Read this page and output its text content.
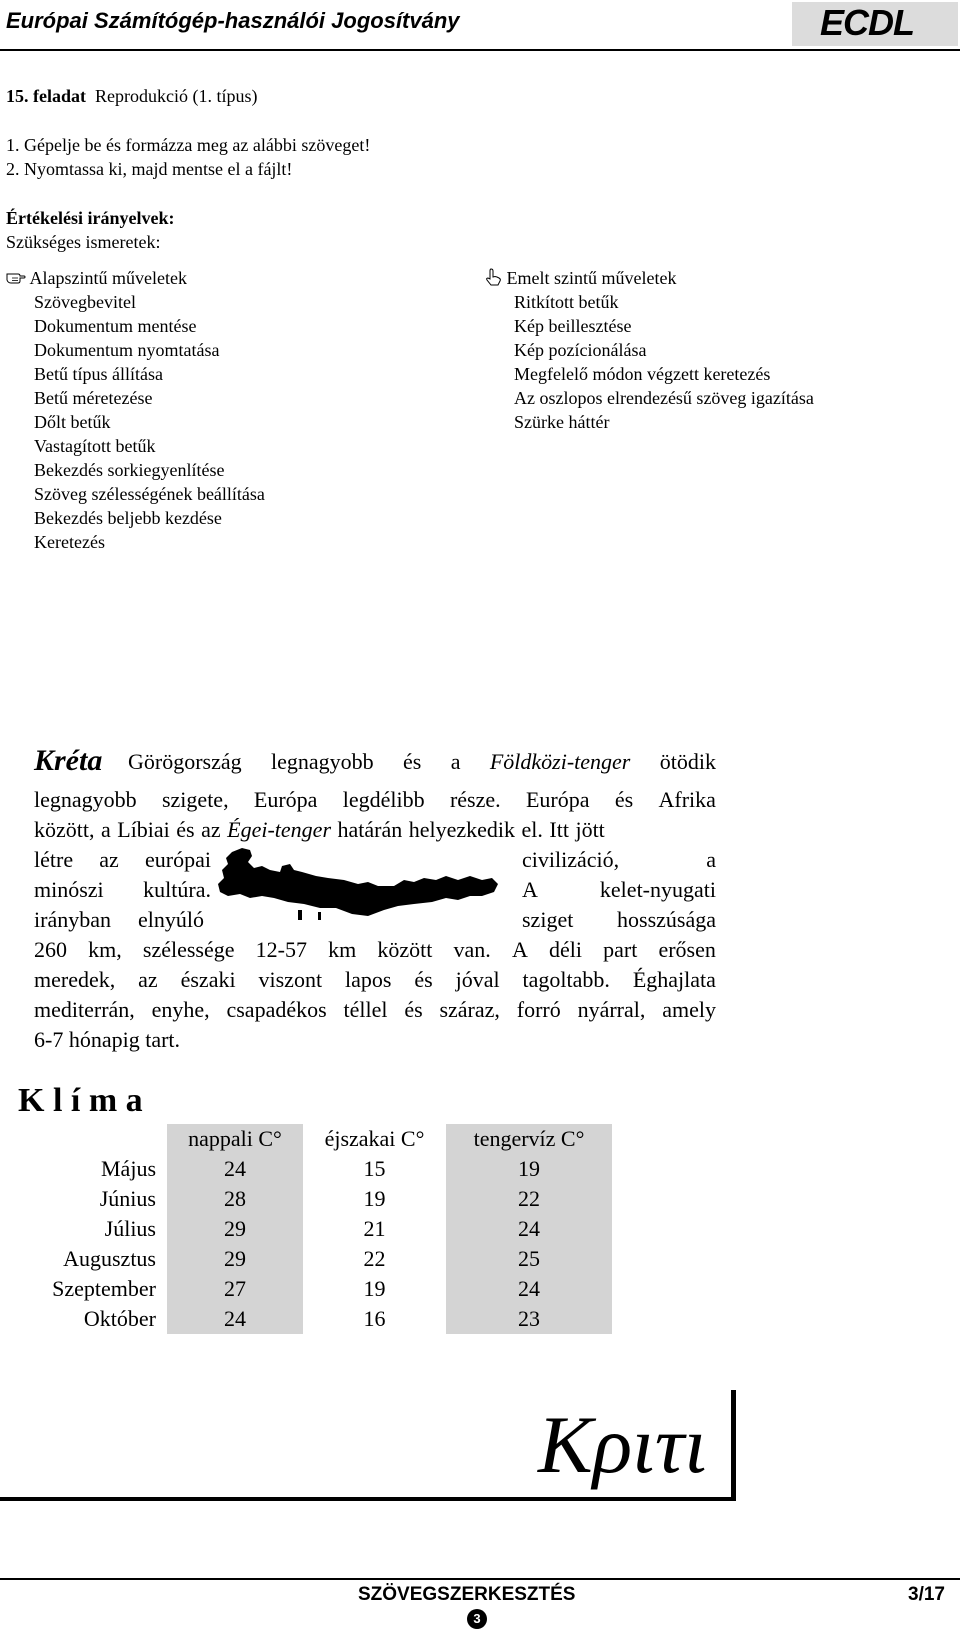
Európai Számítógép-használói Jogosítvány	ECDL
15. feladat Reprodukció (1. típus)
1. Gépelje be és formázza meg az alábbi szöveget!
2. Nyomtassa ki, majd mentse el a fájlt!
Értékelési irányelvek:
Szükséges ismeretek:
Alapszintű műveletek
Szövegbevitel
Dokumentum mentése
Dokumentum nyomtatása
Betű típus állítása
Betű méretezése
Dőlt betűk
Vastagított betűk
Bekezdés sorkiegyenlítése
Szöveg szélességének beállítása
Bekezdés beljebb kezdése
Keretezés
Emelt szintű műveletek
Ritkított betűk
Kép beillesztése
Kép pozícionálása
Megfelelő módon végzett keretezés
Az oszlopos elrendezésű szöveg igazítása
Szürke háttér
Kréta Görögország legnagyobb és a Földközi-tenger ötödik
legnagyobb szigete, Európa legdélibb része. Európa és Afrika
között, a Líbiai és az Égei-tenger határán helyezkedik el. Itt jött
létre az európai
minószi kultúra.
irányban elnyúló
civilizáció,	a
A	kelet-nyugati
sziget hosszúsága
260 km, szélessége 12-57 km között van. A déli part erősen
meredek, az északi viszont lapos és jóval tagoltabb. Éghajlata
mediterrán, enyhe, csapadékos téllel és száraz, forró nyárral, amely
6-7 hónapig tart.
K l í m a
nappali C°	éjszakai C°	tengervíz C°
Május	24	15	19
Június	28	19	22
Július	29	21	24
Augusztus	29	22	25
Szeptember	27	19	24
Október	24	16	23
Κριτι
SZÖVEGSZERKESZTÉS	3/17
3
